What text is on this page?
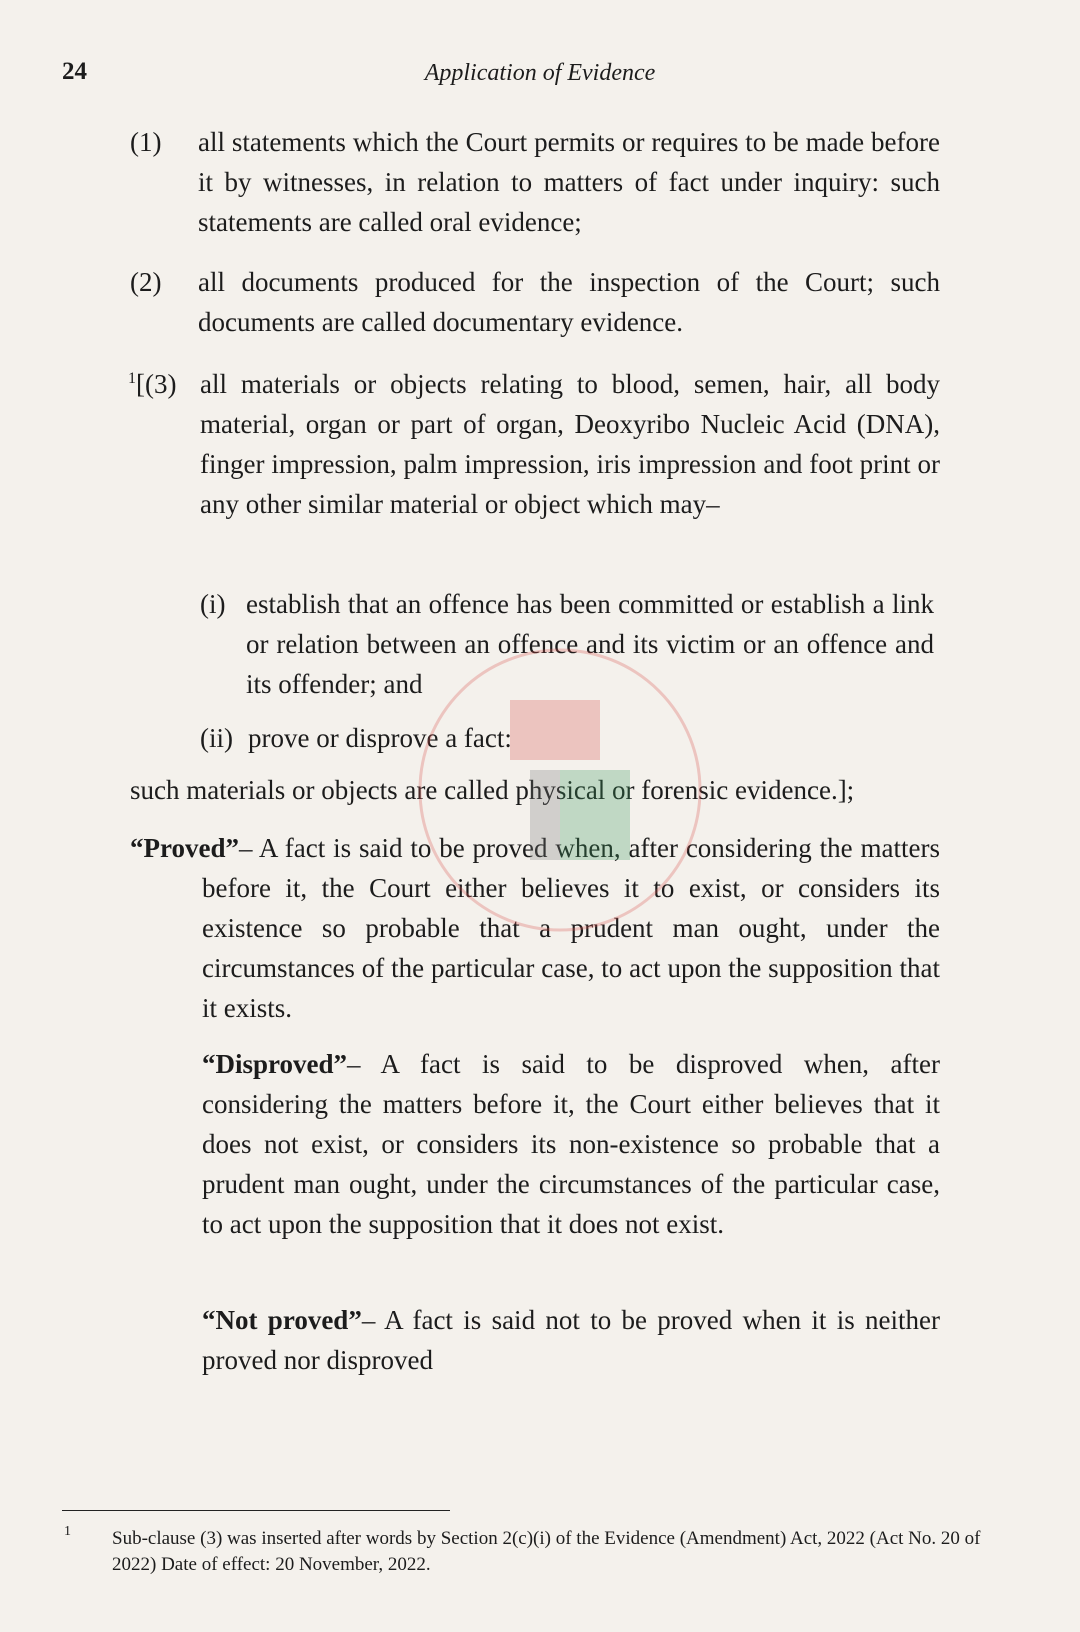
24	Application of Evidence
(1) all statements which the Court permits or requires to be made before it by witnesses, in relation to matters of fact under inquiry: such statements are called oral evidence;
(2) all documents produced for the inspection of the Court; such documents are called documentary evidence.
$^1$[(3) all materials or objects relating to blood, semen, hair, all body material, organ or part of organ, Deoxyribo Nucleic Acid (DNA), finger impression, palm impression, iris impression and foot print or any other similar material or object which may–
(i) establish that an offence has been committed or establish a link or relation between an offence and its victim or an offence and its offender; and
(ii) prove or disprove a fact:
such materials or objects are called physical or forensic evidence.];
“Proved”– A fact is said to be proved when, after considering the matters before it, the Court either believes it to exist, or considers its existence so probable that a prudent man ought, under the circumstances of the particular case, to act upon the supposition that it exists.
“Disproved”– A fact is said to be disproved when, after considering the matters before it, the Court either believes that it does not exist, or considers its non-existence so probable that a prudent man ought, under the circumstances of the particular case, to act upon the supposition that it does not exist.
“Not proved”– A fact is said not to be proved when it is neither proved nor disproved
1 Sub-clause (3) was inserted after words by Section 2(c)(i) of the Evidence (Amendment) Act, 2022 (Act No. 20 of 2022) Date of effect: 20 November, 2022.
